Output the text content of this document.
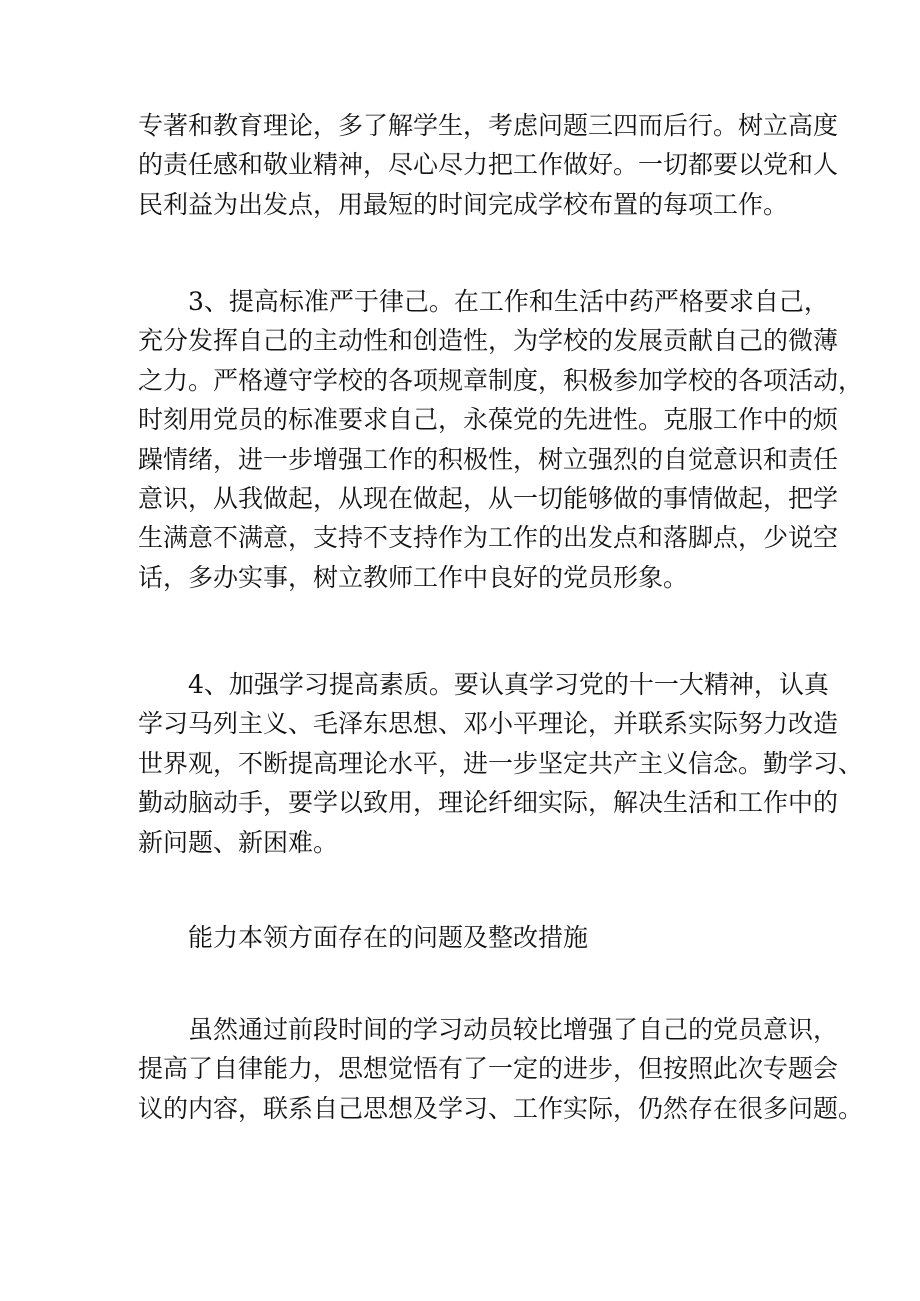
专著和教育理论，多了解学生，考虑问题三四而后行。树立高度
的责任感和敬业精神，尽心尽力把工作做好。一切都要以党和人
民利益为出发点，用最短的时间完成学校布置的每项工作。
3、提高标准严于律己。在工作和生活中药严格要求自己，
充分发挥自己的主动性和创造性，为学校的发展贡献自己的微薄
之力。严格遵守学校的各项规章制度，积极参加学校的各项活动，
时刻用党员的标准要求自己，永葆党的先进性。克服工作中的烦
躁情绪，进一步增强工作的积极性，树立强烈的自觉意识和责任
意识，从我做起，从现在做起，从一切能够做的事情做起，把学
生满意不满意，支持不支持作为工作的出发点和落脚点，少说空
话，多办实事，树立教师工作中良好的党员形象。
4、加强学习提高素质。要认真学习党的十一大精神，认真
学习马列主义、毛泽东思想、邓小平理论，并联系实际努力改造
世界观，不断提高理论水平，进一步坚定共产主义信念。勤学习、
勤动脑动手，要学以致用，理论纤细实际，解决生活和工作中的
新问题、新困难。
能力本领方面存在的问题及整改措施
虽然通过前段时间的学习动员较比增强了自己的党员意识，
提高了自律能力，思想觉悟有了一定的进步，但按照此次专题会
议的内容，联系自己思想及学习、工作实际，仍然存在很多问题。
